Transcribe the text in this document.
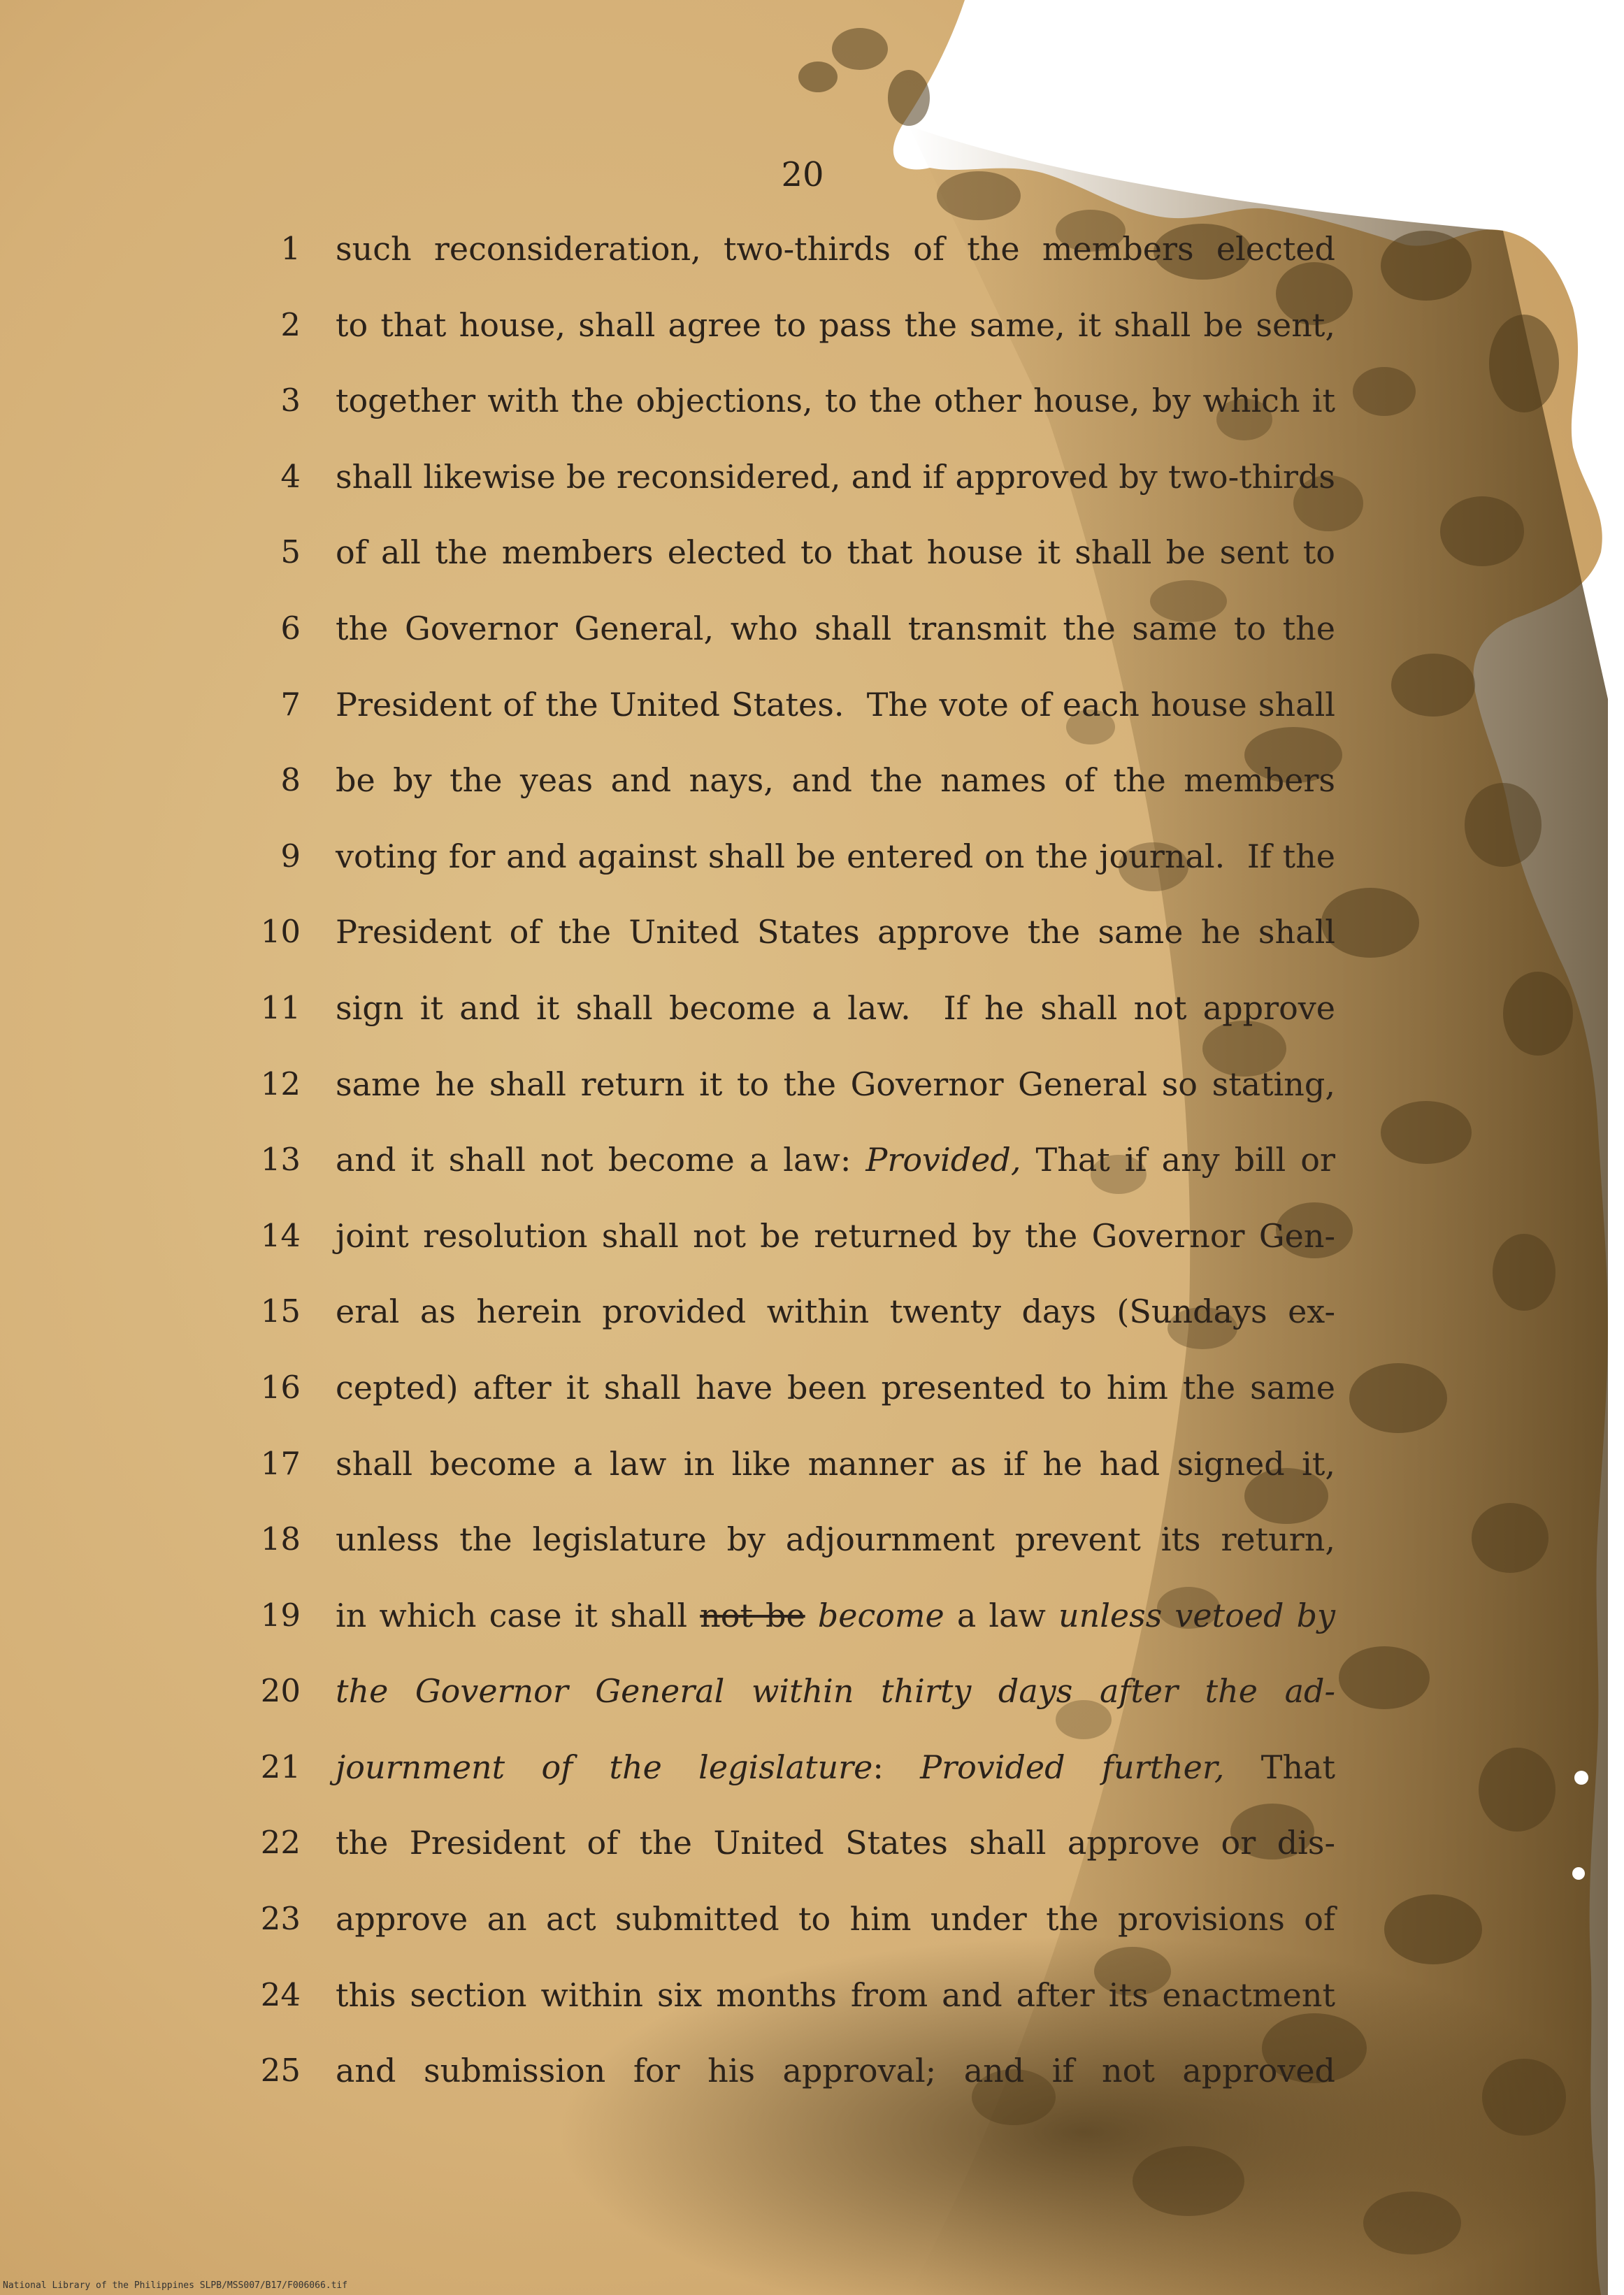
20
1 such reconsideration, two-thirds of the members elected
2 to that house, shall agree to pass the same, it shall be sent,
3 together with the objections, to the other house, by which it
4 shall likewise be reconsidered, and if approved by two-thirds
5 of all the members elected to that house it shall be sent to
6 the Governor General, who shall transmit the same to the
7 President of the United States.  The vote of each house shall
8 be by the yeas and nays, and the names of the members
9 voting for and against shall be entered on the journal.  If the
10 President of the United States approve the same he shall
11 sign it and it shall become a law.  If he shall not approve
12 same he shall return it to the Governor General so stating,
13 and it shall not become a law: Provided, That if any bill or
14 joint resolution shall not be returned by the Governor Gen-
15 eral as herein provided within twenty days (Sundays ex-
16 cepted) after it shall have been presented to him the same
17 shall become a law in like manner as if he had signed it,
18 unless the legislature by adjournment prevent its return,
19 in which case it shall not be become a law unless vetoed by
20 the Governor General within thirty days after the ad-
21 journment of the legislature: Provided further, That
22 the President of the United States shall approve or dis-
23 approve an act submitted to him under the provisions of
24 this section within six months from and after its enactment
25 and submission for his approval; and if not approved
National Library of the Philippines SLPB/MSS007/B17/F006066.tif
